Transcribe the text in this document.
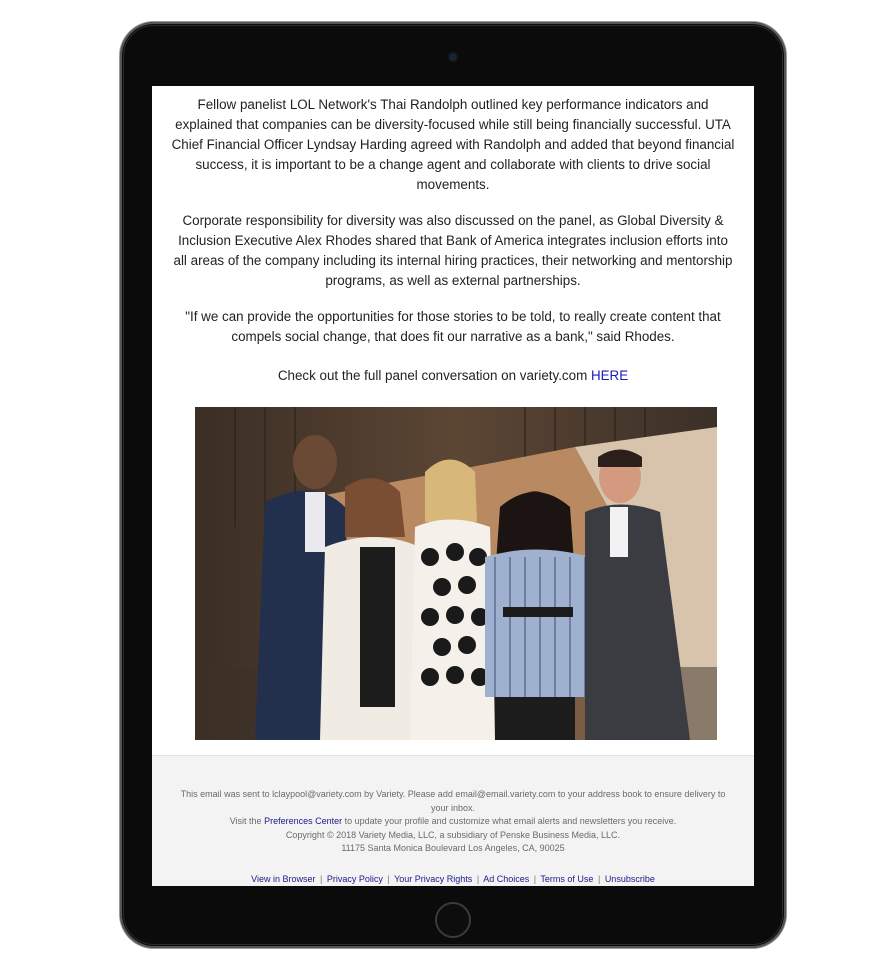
Fellow panelist LOL Network's Thai Randolph outlined key performance indicators and explained that companies can be diversity-focused while still being financially successful. UTA Chief Financial Officer Lyndsay Harding agreed with Randolph and added that beyond financial success, it is important to be a change agent and collaborate with clients to drive social movements.

Corporate responsibility for diversity was also discussed on the panel, as Global Diversity & Inclusion Executive Alex Rhodes shared that Bank of America integrates inclusion efforts into all areas of the company including its internal hiring practices, their networking and mentorship programs, as well as external partnerships.

"If we can provide the opportunities for those stories to be told, to really create content that compels social change, that does fit our narrative as a bank," said Rhodes.

Check out the full panel conversation on variety.com HERE

This email was sent to lclaypool@variety.com by Variety. Please add email@email.variety.com to your address book to ensure delivery to your inbox.
Visit the Preferences Center to update your profile and customize what email alerts and newsletters you receive.
Copyright © 2018 Variety Media, LLC, a subsidiary of Penske Business Media, LLC.
11175 Santa Monica Boulevard Los Angeles, CA, 90025
View in Browser | Privacy Policy | Your Privacy Rights | Ad Choices | Terms of Use | Unsubscribe
